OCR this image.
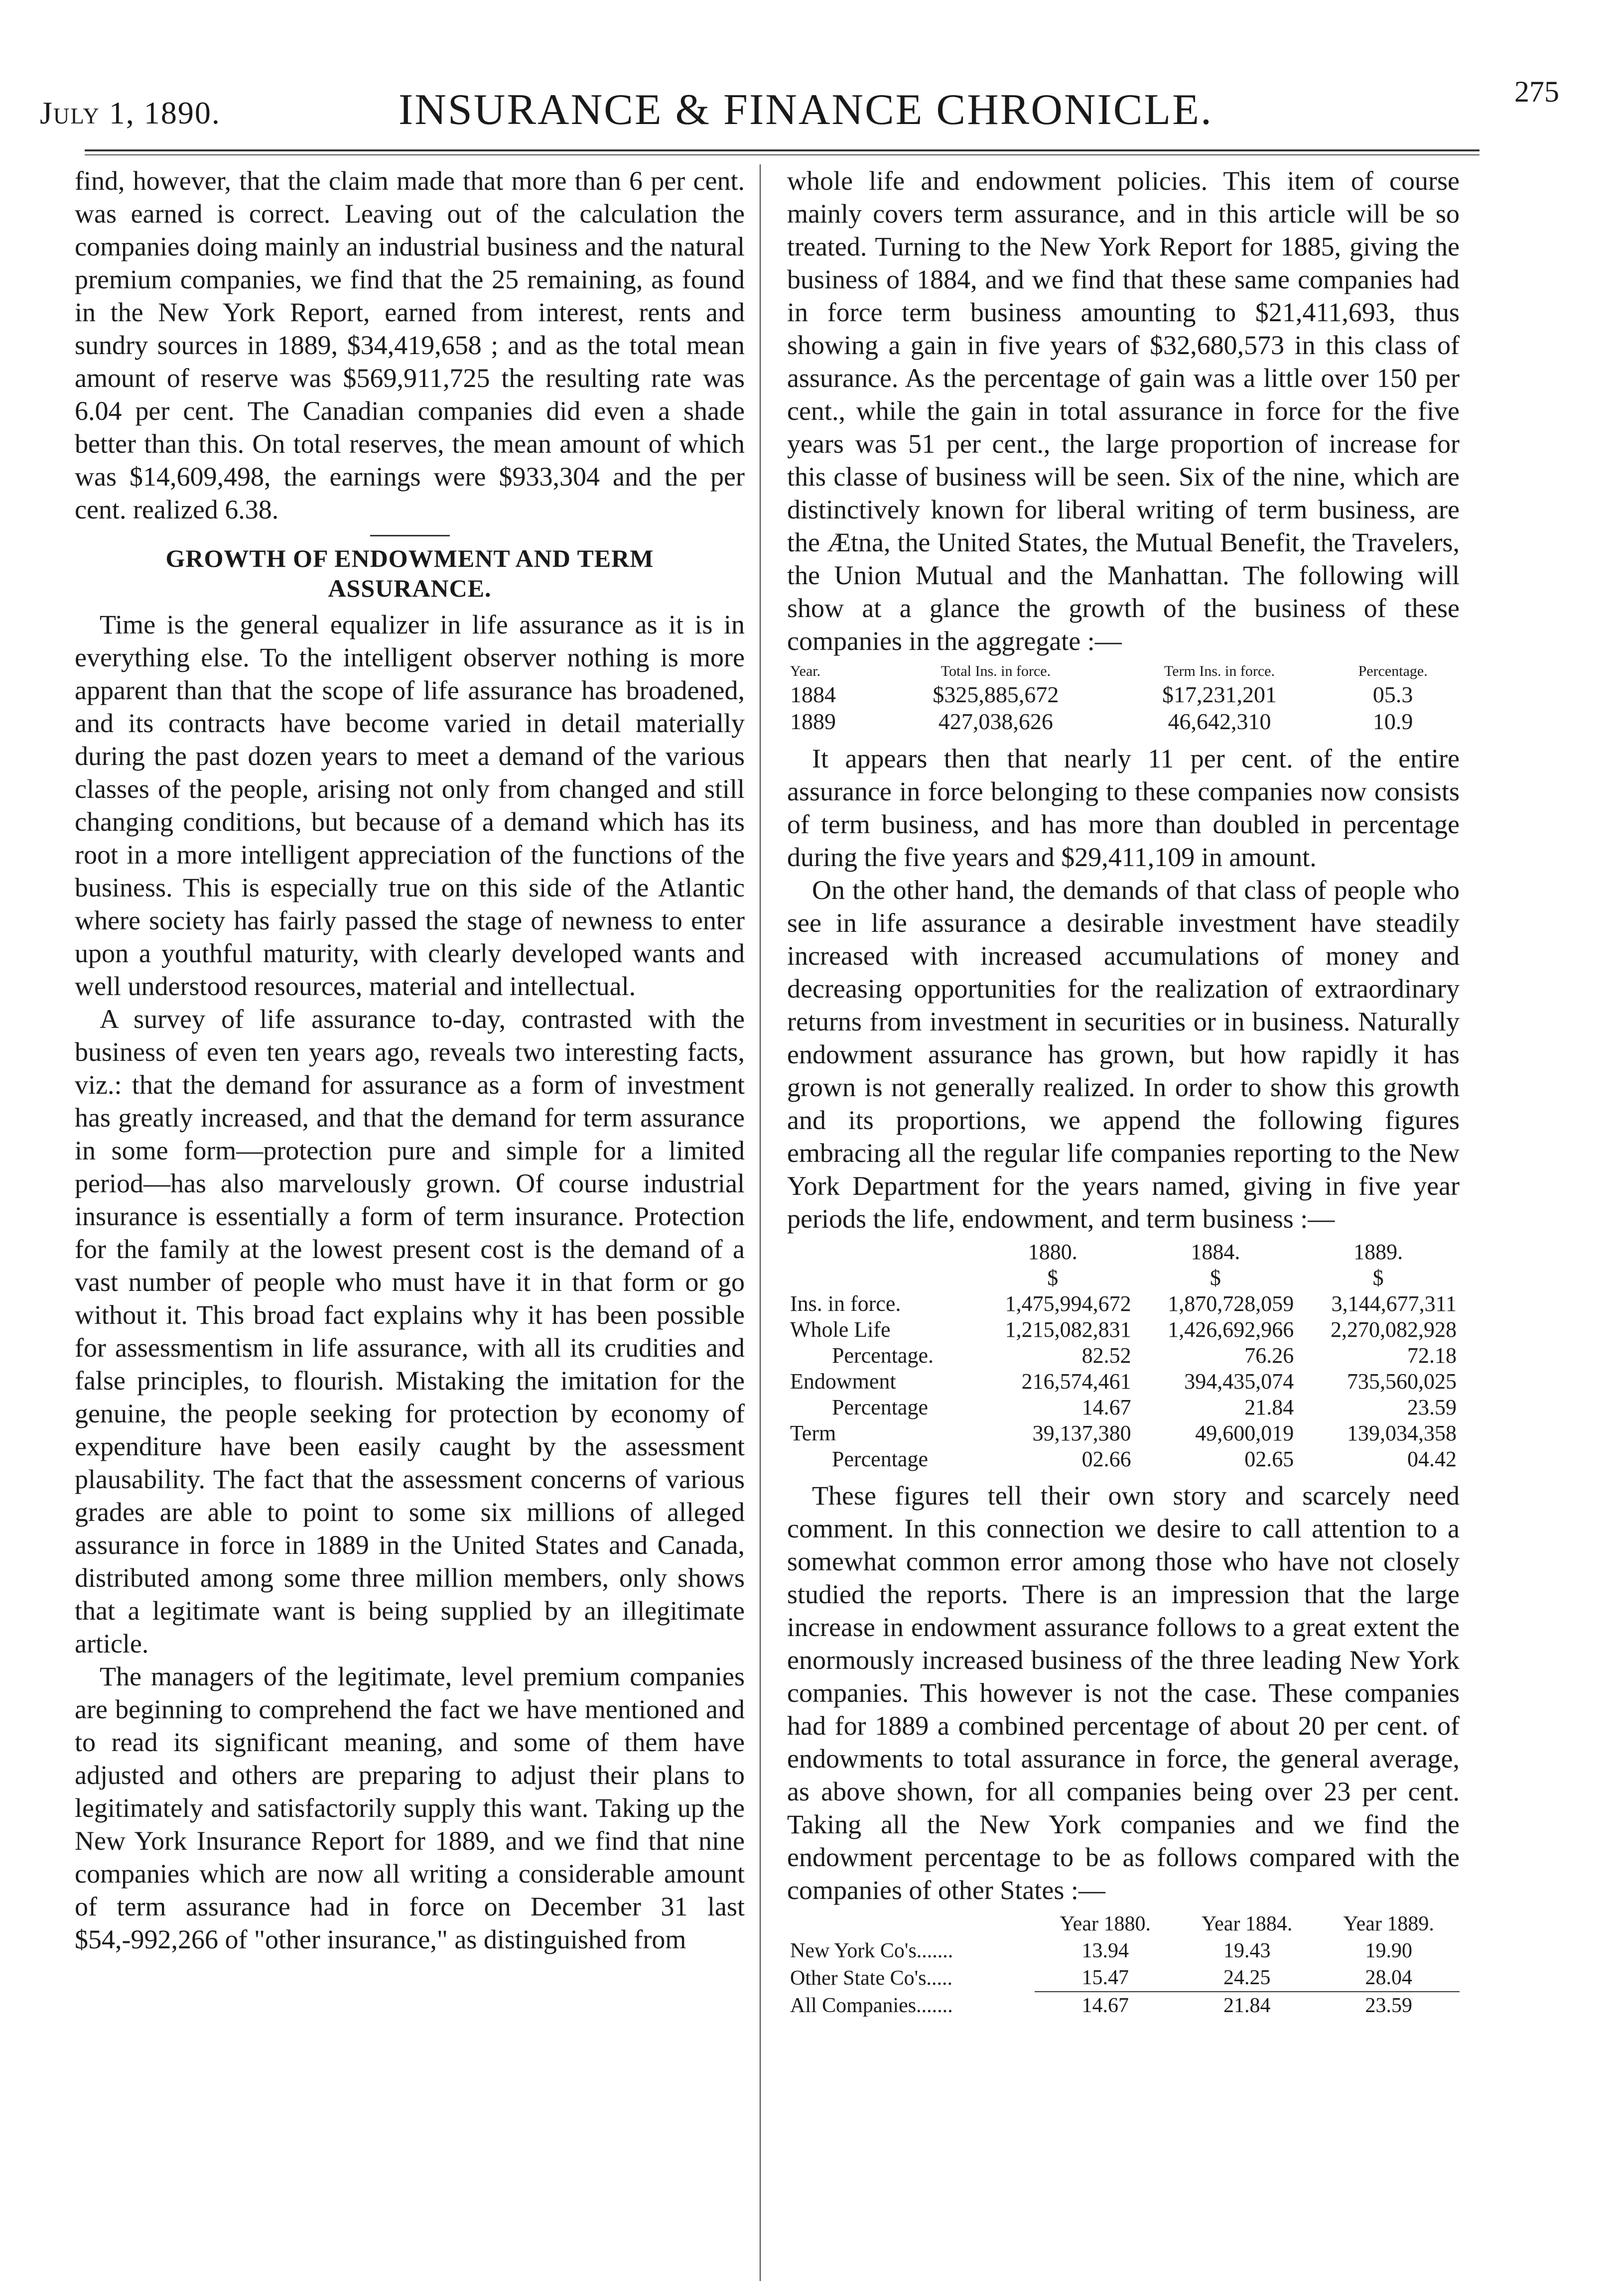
July 1, 1890.	INSURANCE & FINANCE CHRONICLE.	275

find, however, that the claim made that more than 6 per cent. was earned is correct. Leaving out of the calculation the companies doing mainly an industrial business and the natural premium companies, we find that the 25 remaining, as found in the New York Report, earned from interest, rents and sundry sources in 1889, $34,419,658 ; and as the total mean amount of reserve was $569,911,725 the resulting rate was 6.04 per cent. The Canadian companies did even a shade better than this. On total reserves, the mean amount of which was $14,609,498, the earnings were $933,304 and the per cent. realized 6.38.

GROWTH OF ENDOWMENT AND TERM
ASSURANCE.

Time is the general equalizer in life assurance as it is in everything else. To the intelligent observer nothing is more apparent than that the scope of life assurance has broadened, and its contracts have become varied in detail materially during the past dozen years to meet a demand of the various classes of the people, arising not only from changed and still changing conditions, but because of a demand which has its root in a more intelligent appreciation of the functions of the business. This is especially true on this side of the Atlantic where society has fairly passed the stage of newness to enter upon a youthful maturity, with clearly developed wants and well understood resources, material and intellectual.

A survey of life assurance to-day, contrasted with the business of even ten years ago, reveals two interesting facts, viz.: that the demand for assurance as a form of investment has greatly increased, and that the demand for term assurance in some form—protection pure and simple for a limited period—has also marvelously grown. Of course industrial insurance is essentially a form of term insurance. Protection for the family at the lowest present cost is the demand of a vast number of people who must have it in that form or go without it. This broad fact explains why it has been possible for assessmentism in life assurance, with all its crudities and false principles, to flourish. Mistaking the imitation for the genuine, the people seeking for protection by economy of expenditure have been easily caught by the assessment plausability. The fact that the assessment concerns of various grades are able to point to some six millions of alleged assurance in force in 1889 in the United States and Canada, distributed among some three million members, only shows that a legitimate want is being supplied by an illegitimate article.

The managers of the legitimate, level premium companies are beginning to comprehend the fact we have mentioned and to read its significant meaning, and some of them have adjusted and others are preparing to adjust their plans to legitimately and satisfactorily supply this want. Taking up the New York Insurance Report for 1889, and we find that nine companies which are now all writing a considerable amount of term assurance had in force on December 31 last $54,-992,266 of "other insurance," as distinguished from

whole life and endowment policies. This item of course mainly covers term assurance, and in this article will be so treated. Turning to the New York Report for 1885, giving the business of 1884, and we find that these same companies had in force term business amounting to $21,411,693, thus showing a gain in five years of $32,680,573 in this class of assurance. As the percentage of gain was a little over 150 per cent., while the gain in total assurance in force for the five years was 51 per cent., the large proportion of increase for this classe of business will be seen. Six of the nine, which are distinctively known for liberal writing of term business, are the Ætna, the United States, the Mutual Benefit, the Travelers, the Union Mutual and the Manhattan. The following will show at a glance the growth of the business of these companies in the aggregate :—

Year.	Total Ins. in force.	Term Ins. in force.	Percentage.
1884	$325,885,672	$17,231,201	05.3
1889	427,038,626	46,642,310	10.9

It appears then that nearly 11 per cent. of the entire assurance in force belonging to these companies now consists of term business, and has more than doubled in percentage during the five years and $29,411,109 in amount.

On the other hand, the demands of that class of people who see in life assurance a desirable investment have steadily increased with increased accumulations of money and decreasing opportunities for the realization of extraordinary returns from investment in securities or in business. Naturally endowment assurance has grown, but how rapidly it has grown is not generally realized. In order to show this growth and its proportions, we append the following figures embracing all the regular life companies reporting to the New York Department for the years named, giving in five year periods the life, endowment, and term business :—

	1880.	1884.	1889.
	$	$	$
Ins. in force.	1,475,994,672	1,870,728,059	3,144,677,311
Whole Life	1,215,082,831	1,426,692,966	2,270,082,928
Percentage.	82.52	76.26	72.18
Endowment	216,574,461	394,435,074	735,560,025
Percentage	14.67	21.84	23.59
Term	39,137,380	49,600,019	139,034,358
Percentage	02.66	02.65	04.42

These figures tell their own story and scarcely need comment. In this connection we desire to call attention to a somewhat common error among those who have not closely studied the reports. There is an impression that the large increase in endowment assurance follows to a great extent the enormously increased business of the three leading New York companies. This however is not the case. These companies had for 1889 a combined percentage of about 20 per cent. of endowments to total assurance in force, the general average, as above shown, for all companies being over 23 per cent. Taking all the New York companies and we find the endowment percentage to be as follows compared with the companies of other States :—

	Year 1880.	Year 1884.	Year 1889.
New York Co's.......	13.94	19.43	19.90
Other State Co's.....	15.47	24.25	28.04
All Companies.......	14.67	21.84	23.59
